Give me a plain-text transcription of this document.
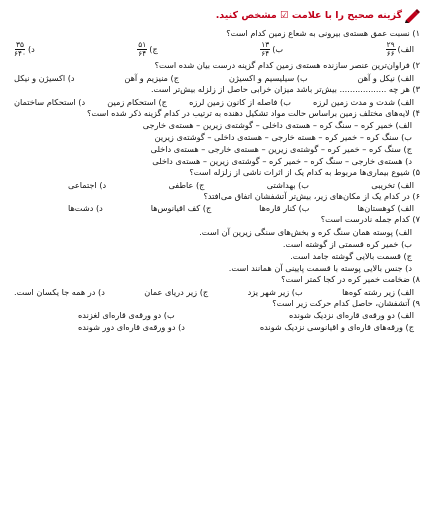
گزینه صحیح را با علامت ☑ مشخص کنید.

۱) نسبت عمق هسته‌ی بیرونی به شعاع زمین کدام است؟

الف)
$\frac{۲۹}{۶۶}$
ب)
$\frac{۱۳}{۶۴}$
ج)
$\frac{۵۱}{۶۴}$
د)
$\frac{۳۵}{۶۴۰}$

۲) فراوان‌ترین عنصر سازنده هسته‌ی زمین کدام گزینه درست بیان شده است؟

الف) نیکل و آهن
ب) سیلیسیم و اکسیژن
ج) منیزیم و آهن
د) اکسیژن و نیکل

۳) هر چه .................. بیش‌تر باشد میزان خرابی حاصل از زلزله بیش‌تر است.

الف) شدت و مدت زمین لرزه
ب) فاصله از کانون زمین لرزه
ج) استحکام زمین
د) استحکام ساختمان

۴) لایه‌های مختلف زمین براساس حالت مواد تشکیل دهنده به ترتیب در کدام گزینه ذکر شده است؟

الف) خمیر کره – سنگ کره – هسته‌ی داخلی – گوشته‌ی زیرین – هسته‌ی خارجی
ب) سنگ کره – خمیر کره – هسته خارجی – هسته‌ی داخلی – گوشته‌ی زیرین
ج) سنگ کره – خمیر کره – گوشته‌ی زیرین – هسته‌ی خارجی – هسته‌ی داخلی
د) هسته‌ی خارجی – سنگ کره – خمیر کره – گوشته‌ی زیرین – هسته‌ی داخلی

۵) شیوع بیماری‌ها مربوط به کدام یک از اثرات ناشی از زلزله است؟

الف) تخریبی
ب) بهداشتی
ج) عاطفی
د) اجتماعی

۶) در کدام یک از مکان‌های زیر، بیش‌تر آتشفشان اتفاق می‌افتد؟

الف) کوهستان‌ها
ب) کنار قاره‌ها
ج) کف اقیانوس‌ها
د) دشت‌ها

۷) کدام جمله نادرست است؟

الف) پوسته همان سنگ کره و بخش‌های سنگی زیرین آن است.
ب) خمیر کره قسمتی از گوشته است.
ج) قسمت بالایی گوشته جامد است.
د) جنس بالایی پوسته با قسمت پایینی آن همانند است.

۸) ضخامت خمیر کره در کجا کمتر است؟

الف) زیر رشته کوه‌ها
ب) زیر شهر یزد
ج) زیر دریای عمان
د) در همه جا یکسان است.

۹) آتشفشان، حاصل کدام حرکت زیر است؟

الف) دو ورقه‌ی قاره‌ای نزدیک شونده
ب) دو ورقه‌ی قاره‌ای لغزنده
ج) ورقه‌های قاره‌ای و اقیانوسی نزدیک شونده
د) دو ورقه‌ی قاره‌ای دور شونده
